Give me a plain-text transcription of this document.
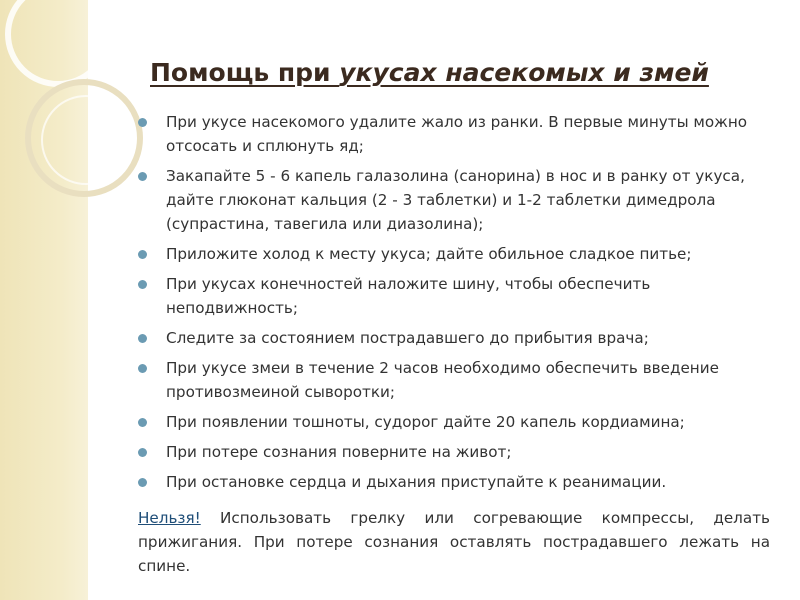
Помощь при укусах насекомых и змей
При укусе насекомого удалите жало из ранки. В первые минуты можно отсосать и сплюнуть яд;
Закапайте 5 - 6 капель галазолина (санорина) в нос и в ранку от укуса, дайте глюконат кальция (2 - 3 таблетки) и 1-2 таблетки димедрола (супрастина, тавегила или диазолина);
Приложите холод к месту укуса; дайте обильное сладкое питье;
При укусах конечностей наложите шину, чтобы обеспечить неподвижность;
Следите за состоянием пострадавшего до прибытия врача;
При укусе змеи в течение 2 часов необходимо обеспечить введение противозмеиной сыворотки;
При появлении тошноты, судорог дайте 20 капель кордиамина;
При потере сознания поверните на живот;
При остановке сердца и дыхания приступайте к реанимации.
Нельзя! Использовать грелку или согревающие компрессы, делать прижигания. При потере сознания оставлять пострадавшего лежать на спине.
